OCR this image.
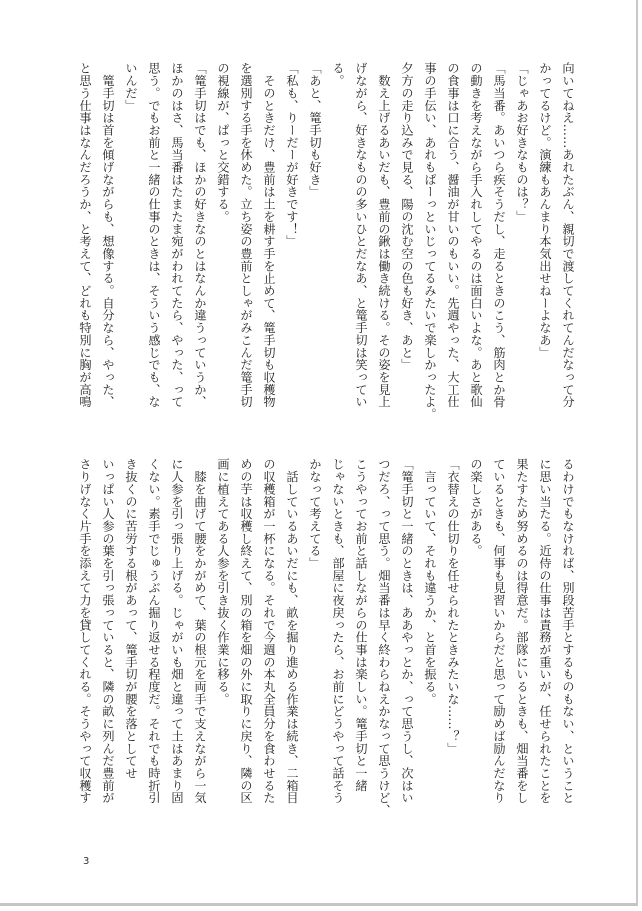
向いてねえ……あれたぶん、親切で渡してくれてんだなって分
かってるけど。演練もあんまり本気出せねーよなあ」
「じゃあお好きなものは？」
「馬当番。あいつら疾そうだし、走るときのこう、筋肉とか骨
の動きを考えながら手入れしてやるのは面白いよな。あと歌仙
の食事は口に合う、醤油が甘いのもいい。先週やった、大工仕
事の手伝い、あれもぱーっといじってるみたいで楽しかったよ。
夕方の走り込みで見る、陽の沈む空の色も好き、あと」
　数え上げるあいだも、豊前の鍬は働き続ける。その姿を見上
げながら、好きなものの多いひとだなあ、と篭手切は笑ってい
る。
「あと、篭手切も好き」
「私も、りーだーが好きです！」
　そのときだけ、豊前は土を耕す手を止めて、篭手切も収穫物
を選別する手を休めた。立ち姿の豊前としゃがみこんだ篭手切
の視線が、ぱっと交錯する。
「篭手切はでも、ほかの好きなのとはなんか違うっていうか、
ほかのはさ、馬当番はたまたま宛がわれてたら、やった、って
思う。でもお前と一緒の仕事のときは、そういう感じでも、な
いんだ」
　篭手切は首を傾げながらも、想像する。自分なら、やった、
と思う仕事はなんだろうか、と考えて、どれも特別に胸が高鳴
るわけでもなければ、別段苦手とするものもない、ということ
に思い当たる。近侍の仕事は責務が重いが、任せられたことを
果たすため努めるのは得意だ。部隊にいるときも、畑当番をし
ているときも、何事も見習いからだと思って励めば励んだなり
の楽しさがある。
「衣替えの仕切りを任せられたときみたいな……？」
　言っていて、それも違うか、と首を振る。
「篭手切と一緒のときは、ああやっとか、って思うし、次はい
つだろ、って思う。畑当番は早く終わらねえかなって思うけど、
こうやってお前と話しながらの仕事は楽しい。篭手切と一緒
じゃないときも、部屋に夜戻ったら、お前にどうやって話そう
かなって考えてる」
　話しているあいだにも、畝を掘り進める作業は続き、二箱目
の収穫箱が一杯になる。それで今週の本丸全員分を食わせるた
めの芋は収穫し終えて、別の箱を畑の外に取りに戻り、隣の区
画に植えてある人参を引き抜く作業に移る。
　膝を曲げて腰をかがめて、葉の根元を両手で支えながら一気
に人参を引っ張り上げる。じゃがいも畑と違って土はあまり固
くない。素手でじゅうぶん掘り返せる程度だ。それでも時折引
き抜くのに苦労する根があって、篭手切が腰を落としてせ
いっぱい人参の葉を引っ張っていると、隣の畝に列んだ豊前が
さりげなく片手を添えて力を貸してくれる。そうやって収穫す
3
